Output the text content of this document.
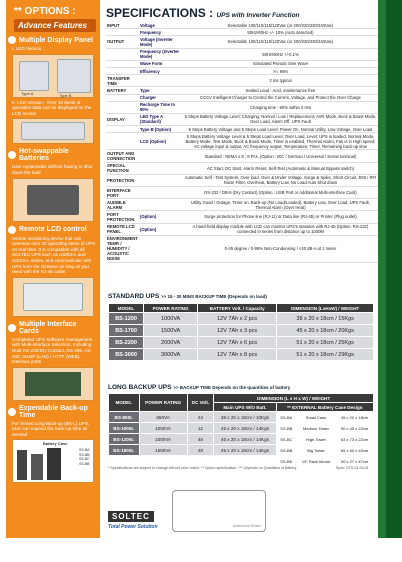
** OPTIONS :
Advance Features
Multiple Display Panel
I. LED Version :
Type A	Type B
II. LCD Version : Over 20 items of operation data can be displayed on the LCD screen
Hot-swappable Batteries
User replaceable without having to shut down the load
Remote LCD control
remote monitoring device that can overview over 20 operating items of UPS on real time. It is compatible with all SOLTEC UPS such as BS/BS-L and SS/SS-L series, and communicate with UPS from the distance as long as you need with the RJ-45 cable.
Multiple Interface Cards
Completed UPS Software management with Multi-interface Selection, Including Dual RS-232/Dry Contact, RS-485, AS-400, SNMP (LAN) / HTTP (WEB), interface ports
Expendable Back-up Time
For Series Long Back-up (BS-L) UPS, user can expand the back-up time as needed
Battery Case
SS-BA
SS-BB
SS-BC
SS-BB
SPECIFICATIONS : UPS with Inverter Function
INPUT	Voltage	Selectable 100/110/115/120Vac (or 200/220/230/240Vac)
	Frequency	50Hz/60Hz +/- 10% (Auto detected)
OUTPUT	Voltage (Inverter Mode)	Selectable 100/110/115/120Vac (or 200/220/230/240Vac)
	Frequency (Inverter Mode)	50Hz/60Hz +/-0.1%
	Wave Form	Simulated Pseudo Sine Wave
	Efficiency	>/= 98%
TRANSFER TIME		2 ms typical
BATTERY	Type	Sealed Lead - Acid, maintenance free
	Charger	CCCV Intelligent Charger to Control the Current, Voltage, and Protect the Over Charge
	Recharge Time to 90%	Charging time : 90% within 2 Hrs
DISPLAY	LED Type A (Standard)	5 Steps Battery Voltage Level; Charging; Normal / Low / Replacement; AVR Mode, Buck & Boost Mode, Over Load, Alarm Off, UPS Fault
	Type B (Option)	5 Steps Battery Voltage and 5 Steps Load Level; Power On, Normal Utility, Low Voltage, Over Load
	LCD (Option)	5 Steps Battery Voltage Level & 5 Steps Load Level; Over Load, Level; UPS is loaded, Normal Mode, Battery Mode, Test Mode, Buck & Boost Mode, Timer is enabled, Thermal Alarm, Fan is in High speed; AC voltage input & output, AC frequency output, Temperature, Timer, Remaining back-up time
OUTPUT AND CONNECTION		Standard : NEMA x 6 ; 8 Pcs. (Option : IEC / German / Universal / Screw terminal)
SPECIAL FUNCTION		AC Start, DC Start, Alarm Reset, Self-Test (Automatic & Manual Bypass switch)
PROTECTION		Automatic Self - Test System, Over load, Over & Under Voltage, Surge & Spike, Short Circuit, EMI / RFI Noise Filter, Overheat, Battery Low, No Load Auto Shut down
INTERFACE PORT		RS-232 / DB-9 (Dry Contact) (Option : USB Port or Additional Multi-interface Card)
AUDIBLE ALARM		Utility Good / Outage, Timer on, Back-up (No Load/Loaded), Battery Low, Over Load, UPS Fault, Thermal Alarm (Over Heat)
PORT PROTECTION	(Option)	Surge protection for Phone line (RJ-11) or Data line (RJ-45) or Printer (Plug outlet)
REMOTE LCD PANEL	(Option)	A hand-held display module with LCD can monitor UPS's statuses with RJ-45 (Option: RS-232) connected in series from distance up to 1000M
ENVIRONMENT TEMP. / HUMIDITY / ACOUSTIC NOISE		0-45 degree / 0-95% Non-Condensing / <40 dB-A at 1 meter
STANDARD UPS >> 15 - 30 MINS BACKUP TIME (Depends on load)
MODEL	POWER RATING	BATTERY Volt. / Capacity	DIMENSION (LxHxW) / WEIGHT
BS-1200	1000VA	12V 7Ah x 2 pcs	38 x 20 x 18cm / 15Kgs
BS-1700	1500VA	12V 7Ah x 3 pcs	45 x 20 x 18cm / 20Kgs
BS-2200	2000VA	12V 7Ah x 6 pcs	51 x 20 x 18cm / 25Kgs
BS-3000	3000VA	12V 7Ah x 8 pcs	51 x 20 x 18cm / 29Kgs
LONG BACKUP UPS >> BACKUP TIME Depends on the quantities of battery
MODEL	POWER RATING	DC Volt.	DIMENSION (L x H x W) / WEIGHT			
			Main UPS W/O Batt.	** EXTERNAL Battery Case Design		
BS-800L	650VA	24	38 x 20 x 18cm / 10Kgs	SS-BA	Small Case	45 x 20 x 18cm
BS-1000L	1000VA	12	45 x 20 x 18cm / 14Kgs	SS-BB	Medium Tower	50 x 45 x 22cm
BS-1200L	1000VA	48	45 x 20 x 18cm / 14Kgs	SS-BC	High Tower	63 x 73 x 22cm
BS-1800L	1500VA	48	45 x 20 x 18cm / 14Kgs	SS-BB	Big Tower	65 x 60 x 40cm
				SS-BE	19" Rack Mount	50 x 27 x 47cm
* Specifications are subject to change without prior notice. ** Option specification. *** Depends on Quantities of Battery	Spec. STS-24-04-01
SOLTEC
Total Power Solution	Authorized Dealer
